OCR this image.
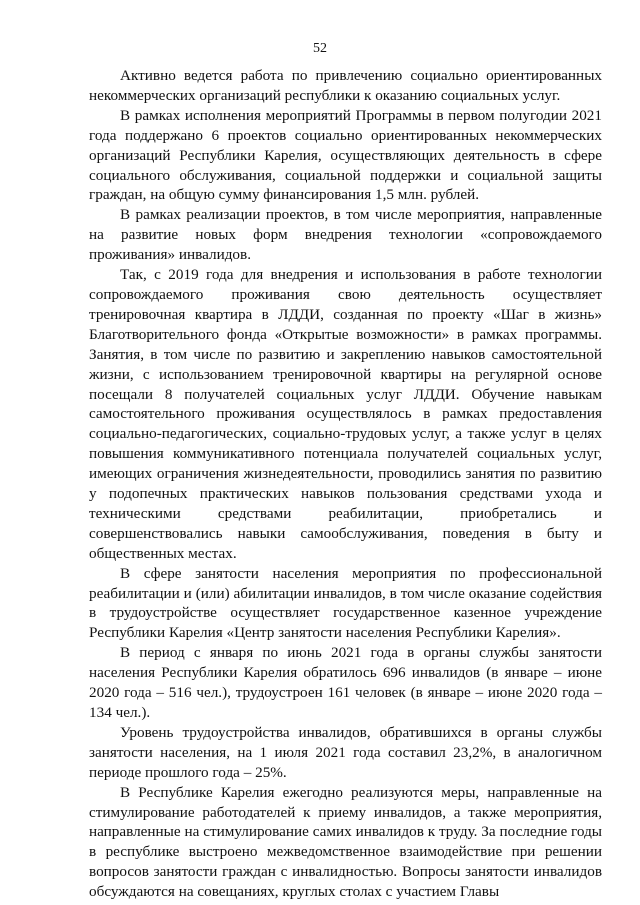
52

Активно ведется работа по привлечению социально ориентированных некоммерческих организаций республики к оказанию социальных услуг.

В рамках исполнения мероприятий Программы в первом полугодии 2021 года поддержано 6 проектов социально ориентированных некоммерческих организаций Республики Карелия, осуществляющих деятельность в сфере социального обслуживания, социальной поддержки и социальной защиты граждан, на общую сумму финансирования 1,5 млн. рублей.

В рамках реализации проектов, в том числе мероприятия, направленные на развитие новых форм внедрения технологии «сопровождаемого проживания» инвалидов.

Так, с 2019 года для внедрения и использования в работе технологии сопровождаемого проживания свою деятельность осуществляет тренировочная квартира в ЛДДИ, созданная по проекту «Шаг в жизнь» Благотворительного фонда «Открытые возможности» в рамках программы. Занятия, в том числе по развитию и закреплению навыков самостоятельной жизни, с использованием тренировочной квартиры на регулярной основе посещали 8 получателей социальных услуг ЛДДИ. Обучение навыкам самостоятельного проживания осуществлялось в рамках предоставления социально-педагогических, социально-трудовых услуг, а также услуг в целях повышения коммуникативного потенциала получателей социальных услуг, имеющих ограничения жизнедеятельности, проводились занятия по развитию у подопечных практических навыков пользования средствами ухода и техническими средствами реабилитации, приобретались и совершенствовались навыки самообслуживания, поведения в быту и общественных местах.

В сфере занятости населения мероприятия по профессиональной реабилитации и (или) абилитации инвалидов, в том числе оказание содействия в трудоустройстве осуществляет государственное казенное учреждение Республики Карелия «Центр занятости населения Республики Карелия».

В период с января по июнь 2021 года в органы службы занятости населения Республики Карелия обратилось 696 инвалидов (в январе – июне 2020 года – 516 чел.), трудоустроен 161 человек (в январе – июне 2020 года – 134 чел.).

Уровень трудоустройства инвалидов, обратившихся в органы службы занятости населения, на 1 июля 2021 года составил 23,2%, в аналогичном периоде прошлого года – 25%.

В Республике Карелия ежегодно реализуются меры, направленные на стимулирование работодателей к приему инвалидов, а также мероприятия, направленные на стимулирование самих инвалидов к труду. За последние годы в республике выстроено межведомственное взаимодействие при решении вопросов занятости граждан с инвалидностью. Вопросы занятости инвалидов обсуждаются на совещаниях, круглых столах с участием Главы
